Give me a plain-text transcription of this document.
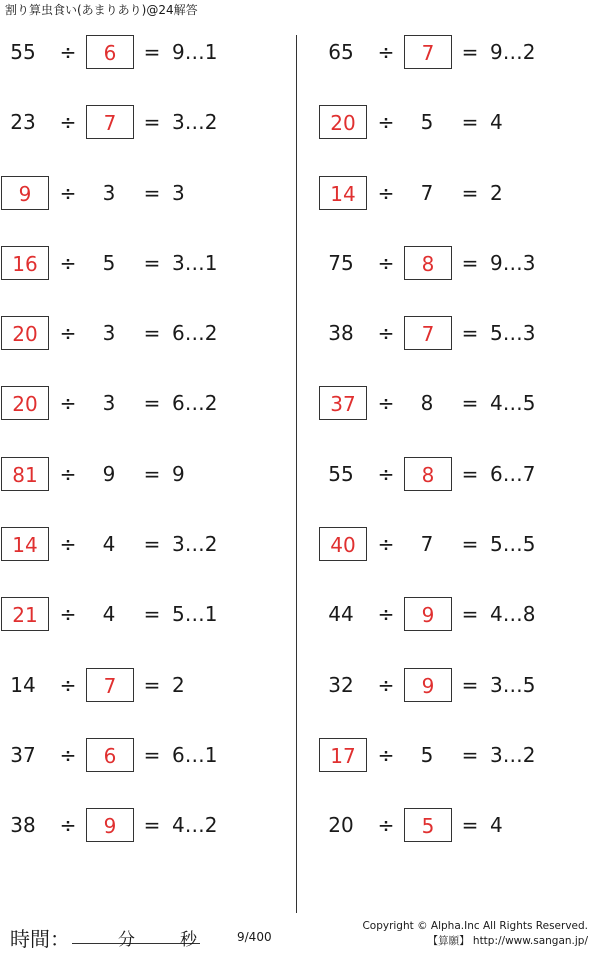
割り算虫食い(あまりあり)@24解答
55	÷	6	= 9…1
23	÷	7	= 3…2
9	÷	3	= 3
16	÷	5	= 3…1
20	÷	3	= 6…2
20	÷	3	= 6…2
81	÷	9	= 9
14	÷	4	= 3…2
21	÷	4	= 5…1
14	÷	7	= 2
37	÷	6	= 6…1
38	÷	9	= 4…2
65	÷	7	= 9…2
20	÷	5	= 4
14	÷	7	= 2
75	÷	8	= 9…3
38	÷	7	= 5…3
37	÷	8	= 4…5
55	÷	8	= 6…7
40	÷	7	= 5…5
44	÷	9	= 4…8
32	÷	9	= 3…5
17	÷	5	= 3…2
20	÷	5	= 4
時間：	分	秒	9/400
Copyright © Alpha.Inc All Rights Reserved.
【算願】 http://www.sangan.jp/
